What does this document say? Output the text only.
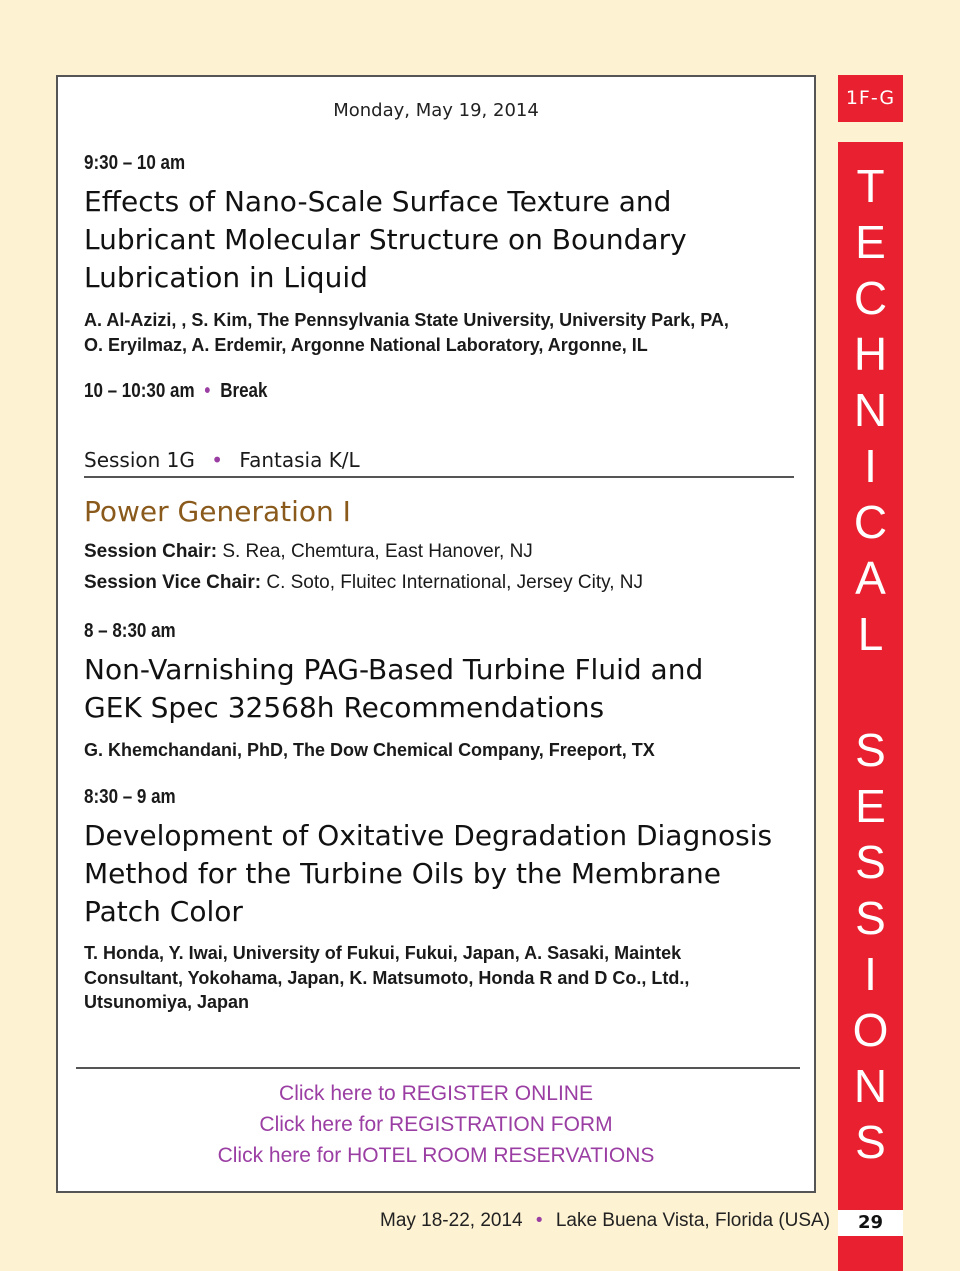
Monday, May 19, 2014
9:30 – 10 am
Effects of Nano-Scale Surface Texture and
Lubricant Molecular Structure on Boundary
Lubrication in Liquid
A. Al-Azizi, , S. Kim, The Pennsylvania State University, University Park, PA,
O. Eryilmaz, A. Erdemir, Argonne National Laboratory, Argonne, IL
10 – 10:30 am • Break
Session 1G • Fantasia K/L
Power Generation I
Session Chair: S. Rea, Chemtura, East Hanover, NJ
Session Vice Chair: C. Soto, Fluitec International, Jersey City, NJ
8 – 8:30 am
Non-Varnishing PAG-Based Turbine Fluid and
GEK Spec 32568h Recommendations
G. Khemchandani, PhD, The Dow Chemical Company, Freeport, TX
8:30 – 9 am
Development of Oxitative Degradation Diagnosis
Method for the Turbine Oils by the Membrane
Patch Color
T. Honda, Y. Iwai, University of Fukui, Fukui, Japan, A. Sasaki, Maintek
Consultant, Yokohama, Japan, K. Matsumoto, Honda R and D Co., Ltd.,
Utsunomiya, Japan
Click here to REGISTER ONLINE
Click here for REGISTRATION FORM
Click here for HOTEL ROOM RESERVATIONS
1F-G
T
E
C
H
N
I
C
A
L
S
E
S
S
I
O
N
S
29
May 18-22, 2014 • Lake Buena Vista, Florida (USA)
